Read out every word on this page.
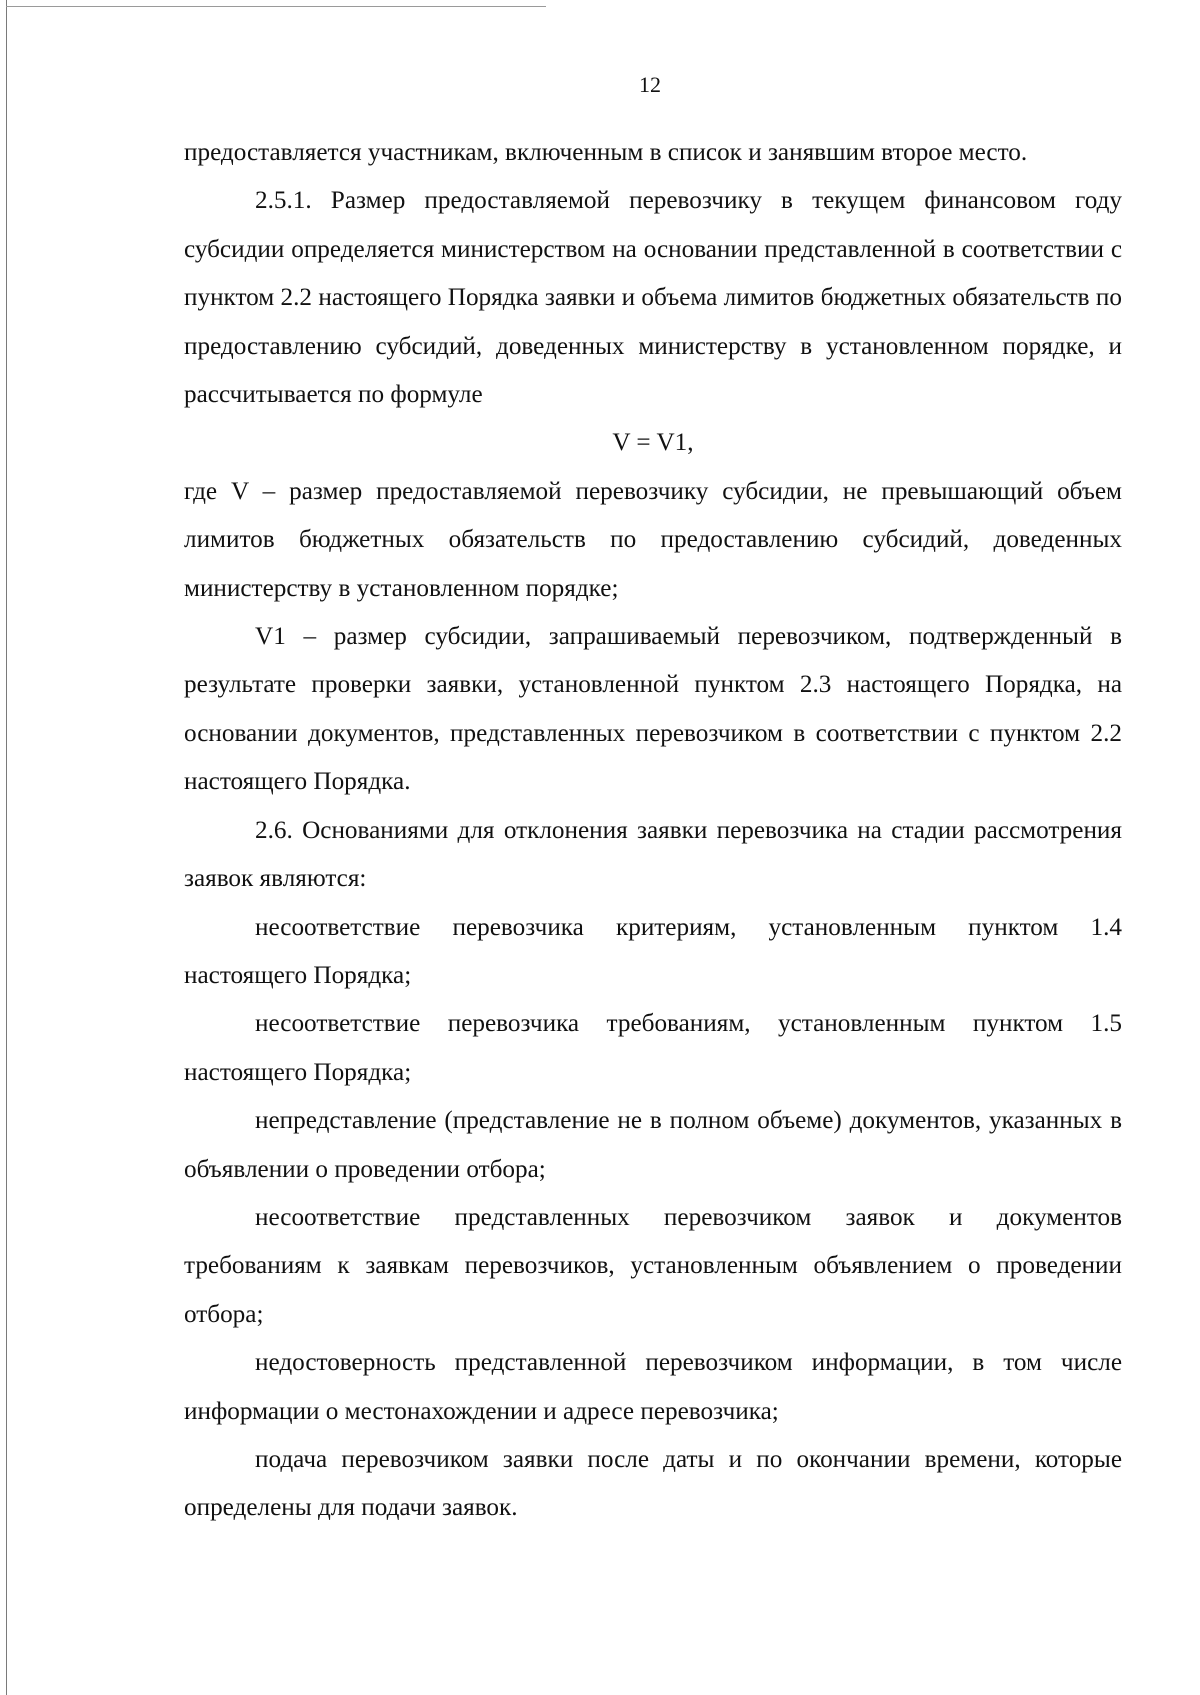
12

предоставляется участникам, включенным в список и занявшим второе место.

2.5.1. Размер предоставляемой перевозчику в текущем финансовом году субсидии определяется министерством на основании представленной в соответствии с пунктом 2.2 настоящего Порядка заявки и объема лимитов бюджетных обязательств по предоставлению субсидий, доведенных министерству в установленном порядке, и рассчитывается по формуле

V = V1,

где V – размер предоставляемой перевозчику субсидии, не превышающий объем лимитов бюджетных обязательств по предоставлению субсидий, доведенных министерству в установленном порядке;

V1 – размер субсидии, запрашиваемый перевозчиком, подтвержденный в результате проверки заявки, установленной пунктом 2.3 настоящего Порядка, на основании документов, представленных перевозчиком в соответствии с пунктом 2.2 настоящего Порядка.

2.6. Основаниями для отклонения заявки перевозчика на стадии рассмотрения заявок являются:

несоответствие перевозчика критериям, установленным пунктом 1.4 настоящего Порядка;

несоответствие перевозчика требованиям, установленным пунктом 1.5 настоящего Порядка;

непредставление (представление не в полном объеме) документов, указанных в объявлении о проведении отбора;

несоответствие представленных перевозчиком заявок и документов требованиям к заявкам перевозчиков, установленным объявлением о проведении отбора;

недостоверность представленной перевозчиком информации, в том числе информации о местонахождении и адресе перевозчика;

подача перевозчиком заявки после даты и по окончании времени, которые определены для подачи заявок.
